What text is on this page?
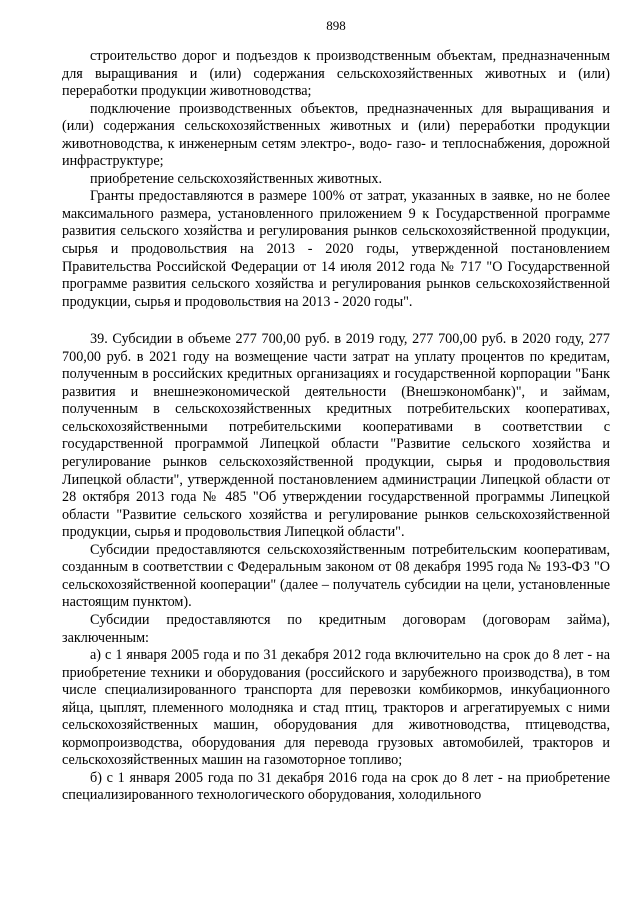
898

строительство дорог и подъездов к производственным объектам, предназначенным для выращивания и (или) содержания сельскохозяйственных животных и (или) переработки продукции животноводства;

подключение производственных объектов, предназначенных для выращивания и (или) содержания сельскохозяйственных животных и (или) переработки продукции животноводства, к инженерным сетям электро-, водо- газо- и теплоснабжения, дорожной инфраструктуре;

приобретение сельскохозяйственных животных.

Гранты предоставляются в размере 100% от затрат, указанных в заявке, но не более максимального размера, установленного приложением 9 к Государственной программе развития сельского хозяйства и регулирования рынков сельскохозяйственной продукции, сырья и продовольствия на 2013 - 2020 годы, утвержденной постановлением Правительства Российской Федерации от 14 июля 2012 года № 717 "О Государственной программе развития сельского хозяйства и регулирования рынков сельскохозяйственной продукции, сырья и продовольствия на 2013 - 2020 годы".

39. Субсидии в объеме 277 700,00 руб. в 2019 году, 277 700,00 руб. в 2020 году, 277 700,00 руб. в 2021 году на возмещение части затрат на уплату процентов по кредитам, полученным в российских кредитных организациях и государственной корпорации "Банк развития и внешнеэкономической деятельности (Внешэкономбанк)", и займам, полученным в сельскохозяйственных кредитных потребительских кооперативах, сельскохозяйственными потребительскими кооперативами в соответствии с государственной программой Липецкой области "Развитие сельского хозяйства и регулирование рынков сельскохозяйственной продукции, сырья и продовольствия Липецкой области", утвержденной постановлением администрации Липецкой области от 28 октября 2013 года № 485 "Об утверждении государственной программы Липецкой области "Развитие сельского хозяйства и регулирование рынков сельскохозяйственной продукции, сырья и продовольствия Липецкой области".

Субсидии предоставляются сельскохозяйственным потребительским кооперативам, созданным в соответствии с Федеральным законом от 08 декабря 1995 года № 193-ФЗ "О сельскохозяйственной кооперации" (далее – получатель субсидии на цели, установленные настоящим пунктом).

Субсидии предоставляются по кредитным договорам (договорам займа), заключенным:

а) с 1 января 2005 года и по 31 декабря 2012 года включительно на срок до 8 лет - на приобретение техники и оборудования (российского и зарубежного производства), в том числе специализированного транспорта для перевозки комбикормов, инкубационного яйца, цыплят, племенного молодняка и стад птиц, тракторов и агрегатируемых с ними сельскохозяйственных машин, оборудования для животноводства, птицеводства, кормопроизводства, оборудования для перевода грузовых автомобилей, тракторов и сельскохозяйственных машин на газомоторное топливо;

б) с 1 января 2005 года по 31 декабря 2016 года на срок до 8 лет - на приобретение специализированного технологического оборудования, холодильного
